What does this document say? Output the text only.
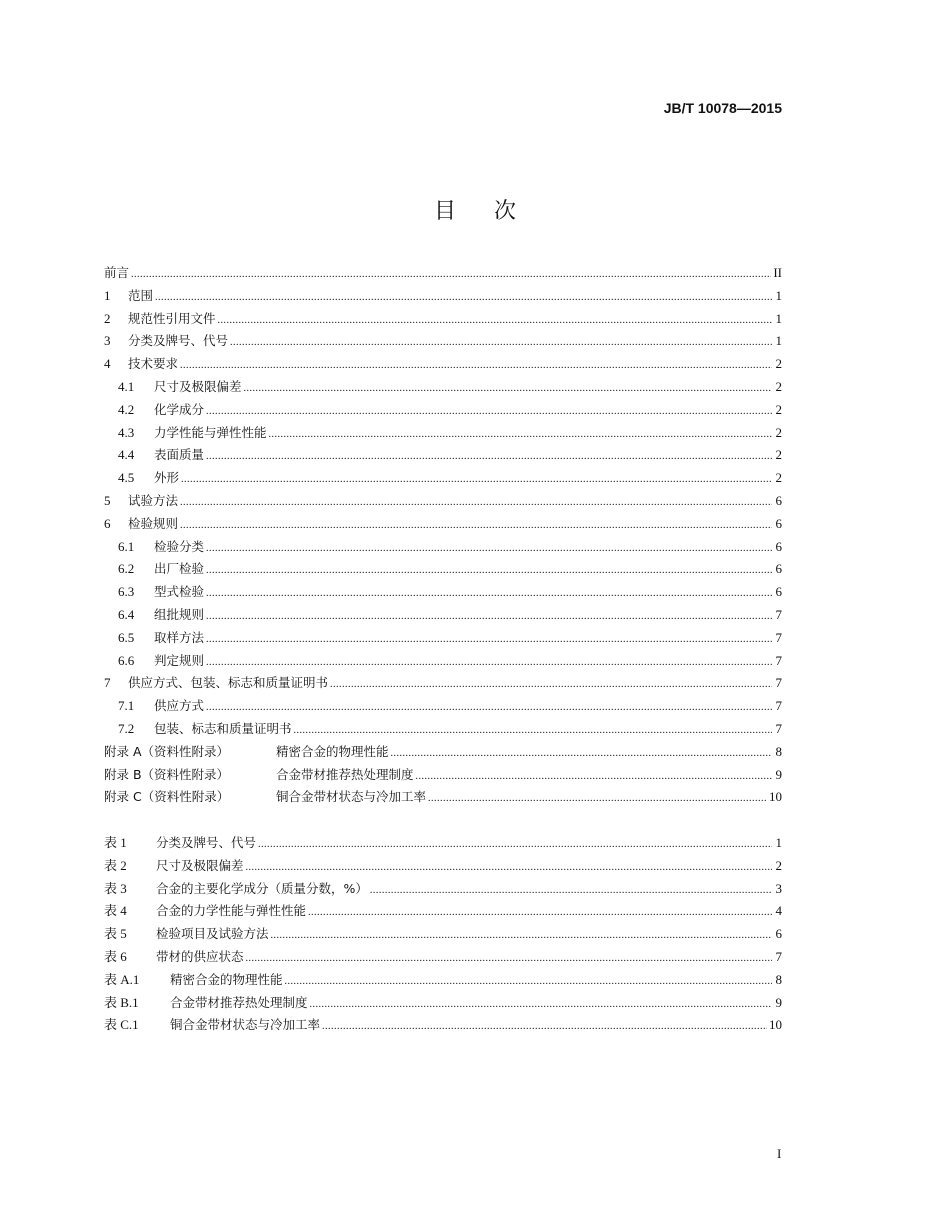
JB/T 10078—2015
目次
前言 .....	II
1	范围 .....	1
2	规范性引用文件 .....	1
3	分类及牌号、代号 .....	1
4	技术要求 .....	2
4.1	尺寸及极限偏差 .....	2
4.2	化学成分 .....	2
4.3	力学性能与弹性性能 .....	2
4.4	表面质量 .....	2
4.5	外形 .....	2
5	试验方法 .....	6
6	检验规则 .....	6
6.1	检验分类 .....	6
6.2	出厂检验 .....	6
6.3	型式检验 .....	6
6.4	组批规则 .....	7
6.5	取样方法 .....	7
6.6	判定规则 .....	7
7	供应方式、包装、标志和质量证明书 .....	7
7.1	供应方式 .....	7
7.2	包装、标志和质量证明书 .....	7
附录 A（资料性附录）	精密合金的物理性能 .....	8
附录 B（资料性附录）	合金带材推荐热处理制度 .....	9
附录 C（资料性附录）	铜合金带材状态与冷加工率 .....	10
表 1	分类及牌号、代号 .....	1
表 2	尺寸及极限偏差 .....	2
表 3	合金的主要化学成分（质量分数，%） .....	3
表 4	合金的力学性能与弹性性能 .....	4
表 5	检验项目及试验方法 .....	6
表 6	带材的供应状态 .....	7
表 A.1	精密合金的物理性能 .....	8
表 B.1	合金带材推荐热处理制度 .....	9
表 C.1	铜合金带材状态与冷加工率 .....	10
I
